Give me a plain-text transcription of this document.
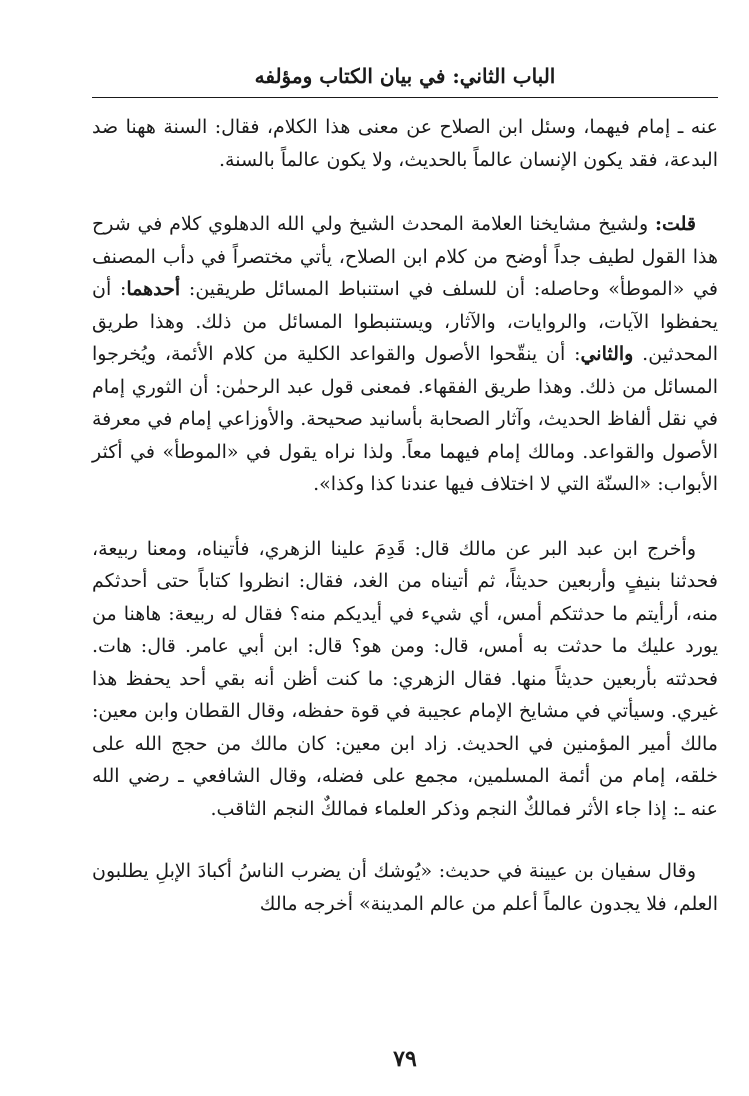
الباب الثاني: في بيان الكتاب ومؤلفه

عنه ـ إمام فيهما، وسئل ابن الصلاح عن معنى هذا الكلام، فقال: السنة ههنا ضد البدعة، فقد يكون الإنسان عالماً بالحديث، ولا يكون عالماً بالسنة.

قلت: ولشيخ مشايخنا العلامة المحدث الشيخ ولي الله الدهلوي كلام في شرح هذا القول لطيف جداً أوضح من كلام ابن الصلاح، يأتي مختصراً في دأب المصنف في «الموطأ» وحاصله: أن للسلف في استنباط المسائل طريقين: أحدهما: أن يحفظوا الآيات، والروايات، والآثار، ويستنبطوا المسائل من ذلك. وهذا طريق المحدثين. والثاني: أن ينقّحوا الأصول والقواعد الكلية من كلام الأئمة، ويُخرجوا المسائل من ذلك. وهذا طريق الفقهاء. فمعنى قول عبد الرحمٰن: أن الثوري إمام في نقل ألفاظ الحديث، وآثار الصحابة بأسانيد صحيحة. والأوزاعي إمام في معرفة الأصول والقواعد. ومالك إمام فيهما معاً. ولذا نراه يقول في «الموطأ» في أكثر الأبواب: «السنّة التي لا اختلاف فيها عندنا كذا وكذا».

وأخرج ابن عبد البر عن مالك قال: قَدِمَ علينا الزهري، فأتيناه، ومعنا ربيعة، فحدثنا بنيفٍ وأربعين حديثاً، ثم أتيناه من الغد، فقال: انظروا كتاباً حتى أحدثكم منه، أرأيتم ما حدثتكم أمس، أي شيء في أيديكم منه؟ فقال له ربيعة: هاهنا من يورد عليك ما حدثت به أمس، قال: ومن هو؟ قال: ابن أبي عامر. قال: هات. فحدثته بأربعين حديثاً منها. فقال الزهري: ما كنت أظن أنه بقي أحد يحفظ هذا غيري. وسيأتي في مشايخ الإمام عجيبة في قوة حفظه، وقال القطان وابن معين: مالك أمير المؤمنين في الحديث. زاد ابن معين: كان مالك من حجج الله على خلقه، إمام من أئمة المسلمين، مجمع على فضله، وقال الشافعي ـ رضي الله عنه ـ: إذا جاء الأثر فمالكٌ النجم وذكر العلماء فمالكٌ النجم الثاقب.

وقال سفيان بن عيينة في حديث: «يُوشك أن يضرب الناسُ أكبادَ الإبلِ يطلبون العلم، فلا يجدون عالماً أعلم من عالم المدينة» أخرجه مالك

٧٩
